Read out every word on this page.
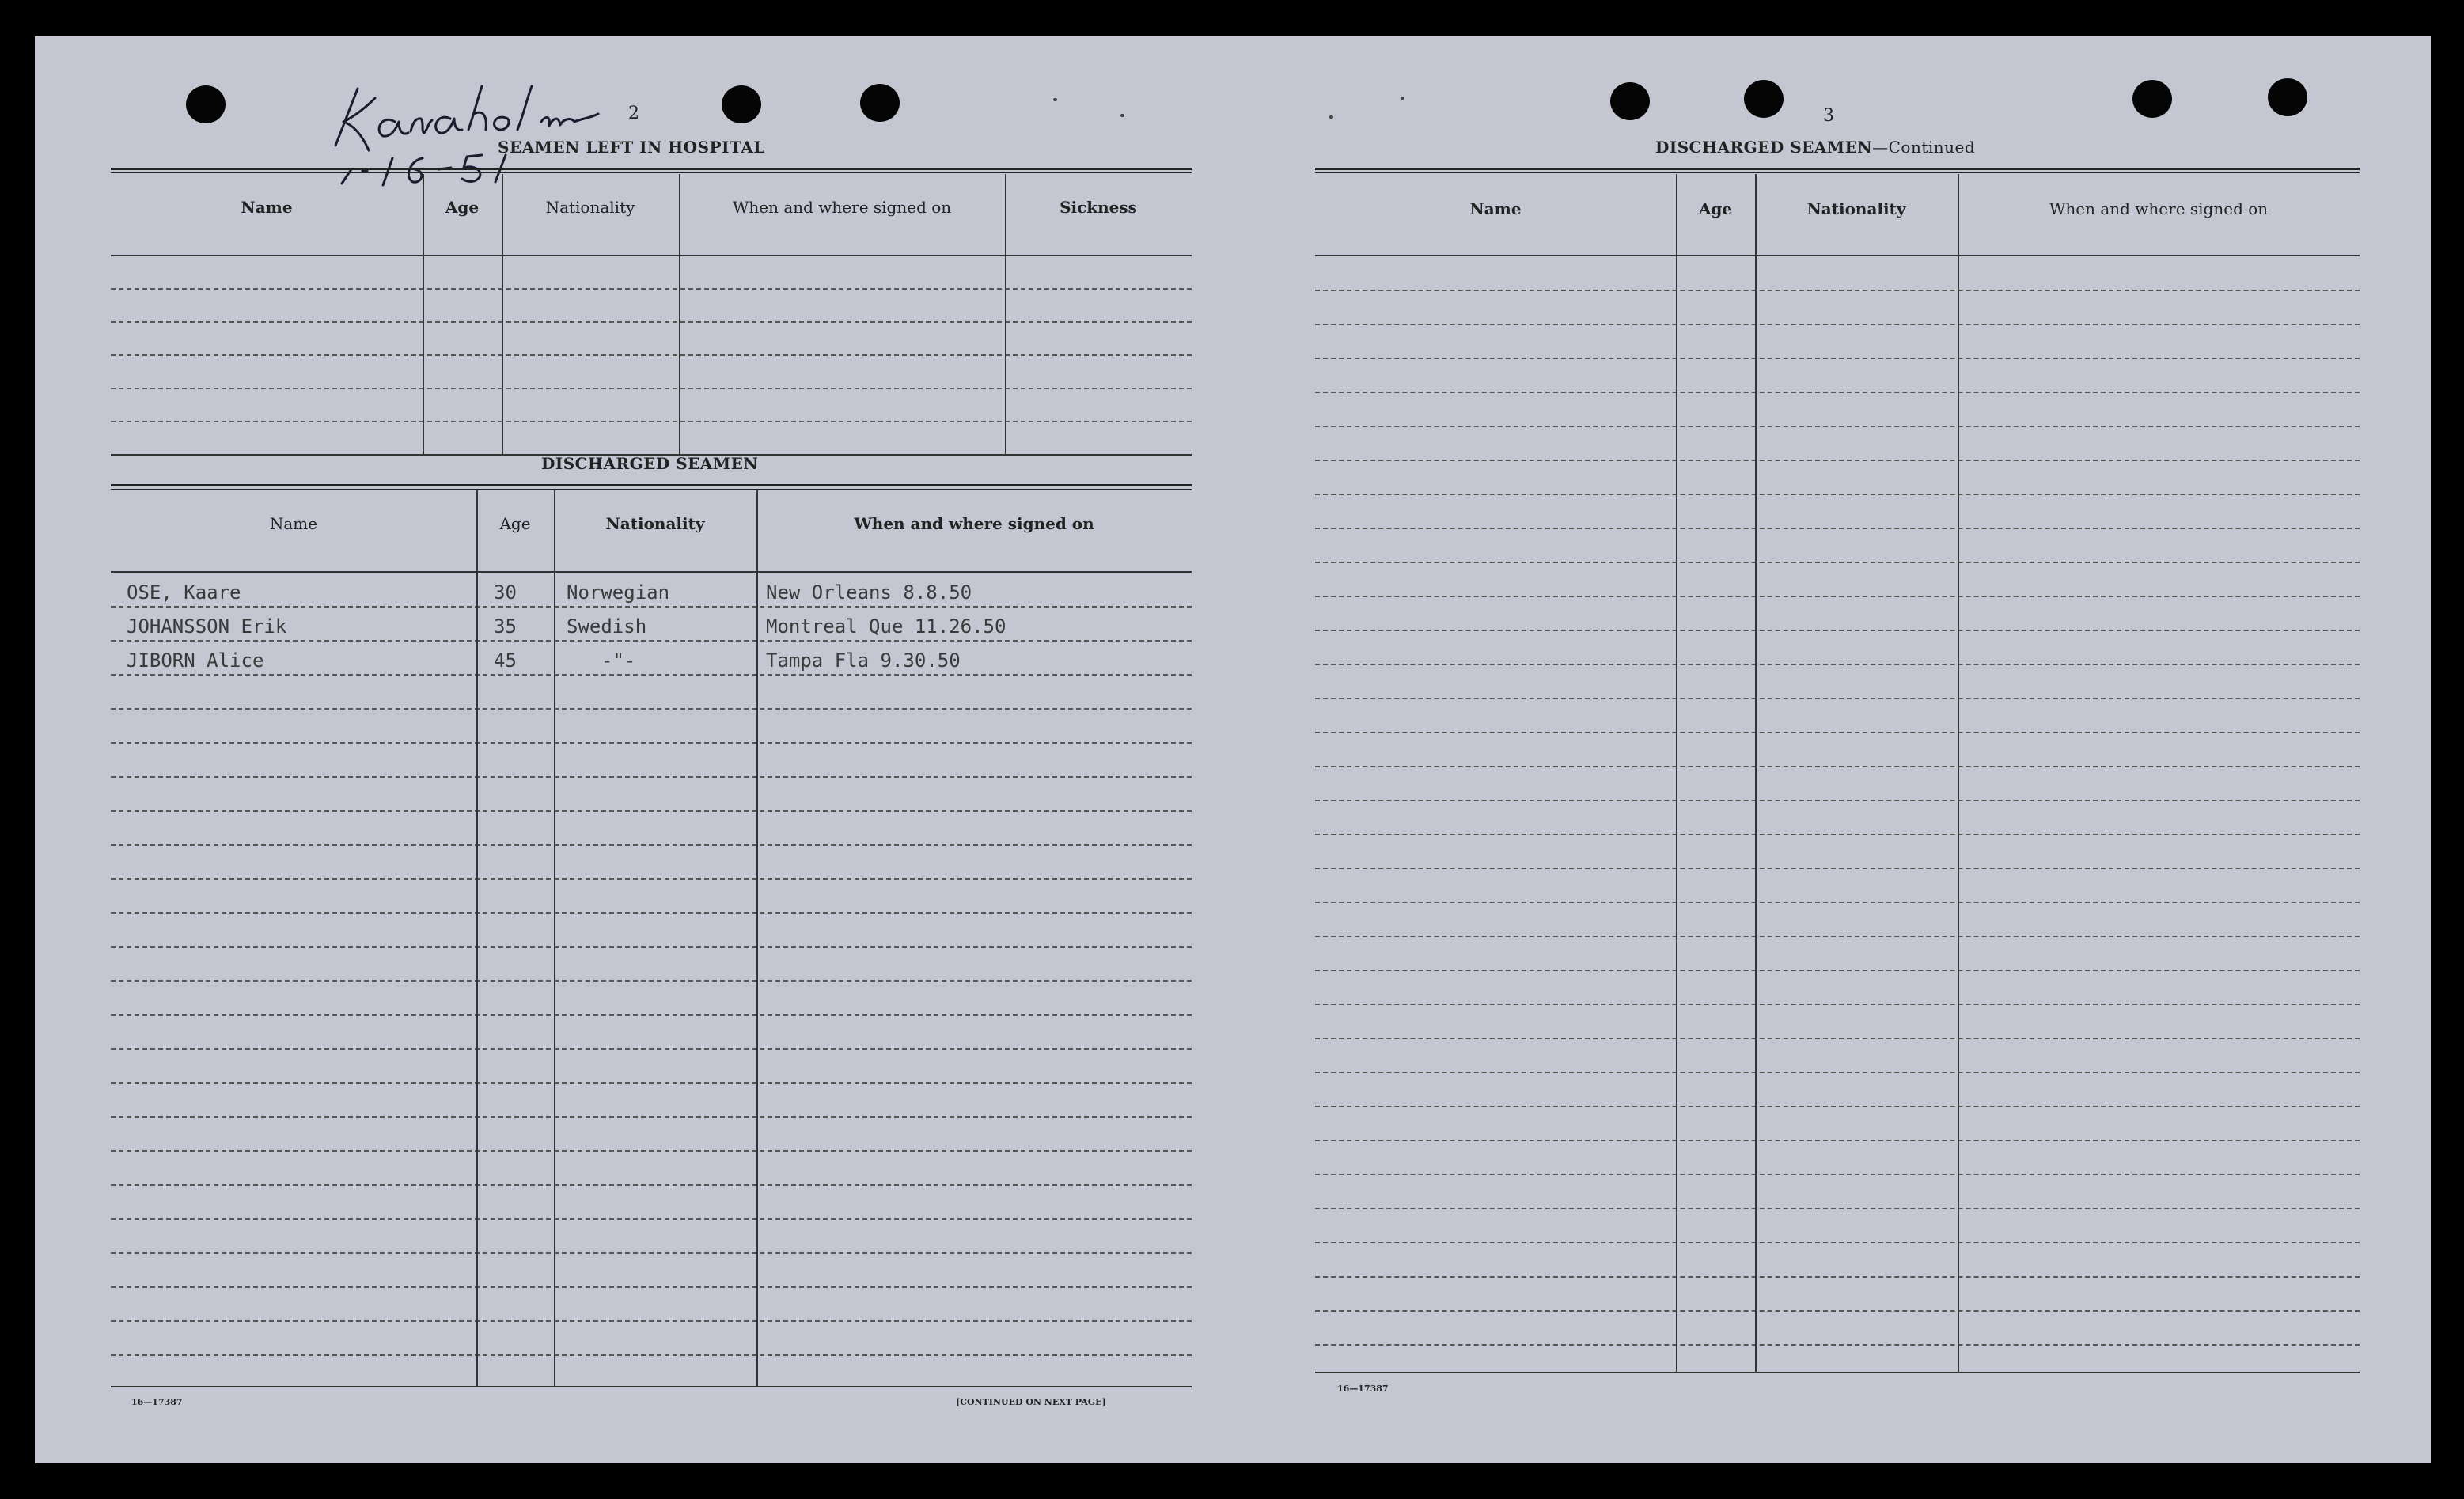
2	3
SEAMEN LEFT IN HOSPITAL
Name	Age	Nationality	When and where signed on	Sickness
DISCHARGED SEAMEN
Name	Age	Nationality	When and where signed on
OSE, Kaare	30	Norwegian	New Orleans 8.8.50
JOHANSSON Erik	35	Swedish	Montreal Que 11.26.50
JIBORN Alice	45	-"-	Tampa Fla 9.30.50
16—17387	[CONTINUED ON NEXT PAGE]
DISCHARGED SEAMEN—Continued
Name	Age	Nationality	When and where signed on
16—17387
